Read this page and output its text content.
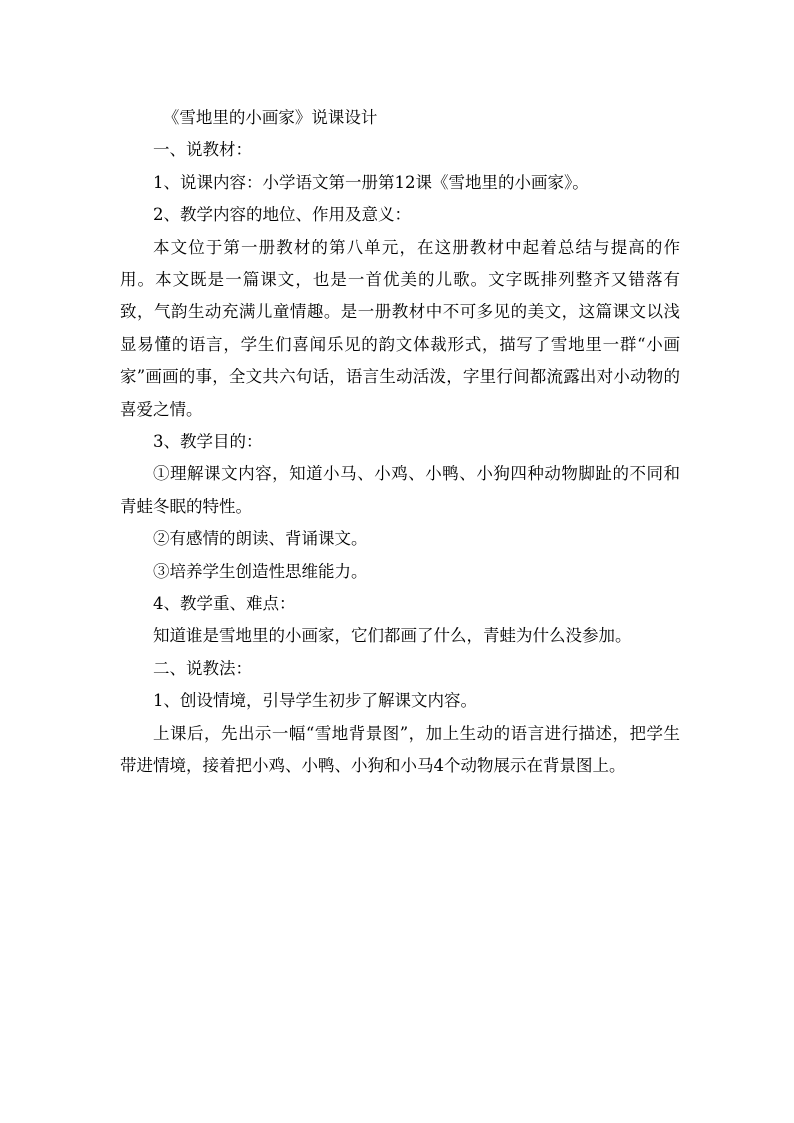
《雪地里的小画家》说课设计
一、说教材：
1、说课内容：小学语文第一册第12课《雪地里的小画家》。
2、教学内容的地位、作用及意义：

本文位于第一册教材的第八单元，在这册教材中起着总结与提高的作用。本文既是一篇课文，也是一首优美的儿歌。文字既排列整齐又错落有致，气韵生动充满儿童情趣。是一册教材中不可多见的美文，这篇课文以浅显易懂的语言，学生们喜闻乐见的韵文体裁形式，描写了雪地里一群“小画家”画画的事，全文共六句话，语言生动活泼，字里行间都流露出对小动物的喜爱之情。

3、教学目的：

①理解课文内容，知道小马、小鸡、小鸭、小狗四种动物脚趾的不同和青蛙冬眠的特性。

②有感情的朗读、背诵课文。
③培养学生创造性思维能力。
4、教学重、难点：

知道谁是雪地里的小画家，它们都画了什么，青蛙为什么没参加。

二、说教法：
1、创设情境，引导学生初步了解课文内容。

上课后，先出示一幅“雪地背景图”，加上生动的语言进行描述，把学生带进情境，接着把小鸡、小鸭、小狗和小马4个动物展示在背景图上。
